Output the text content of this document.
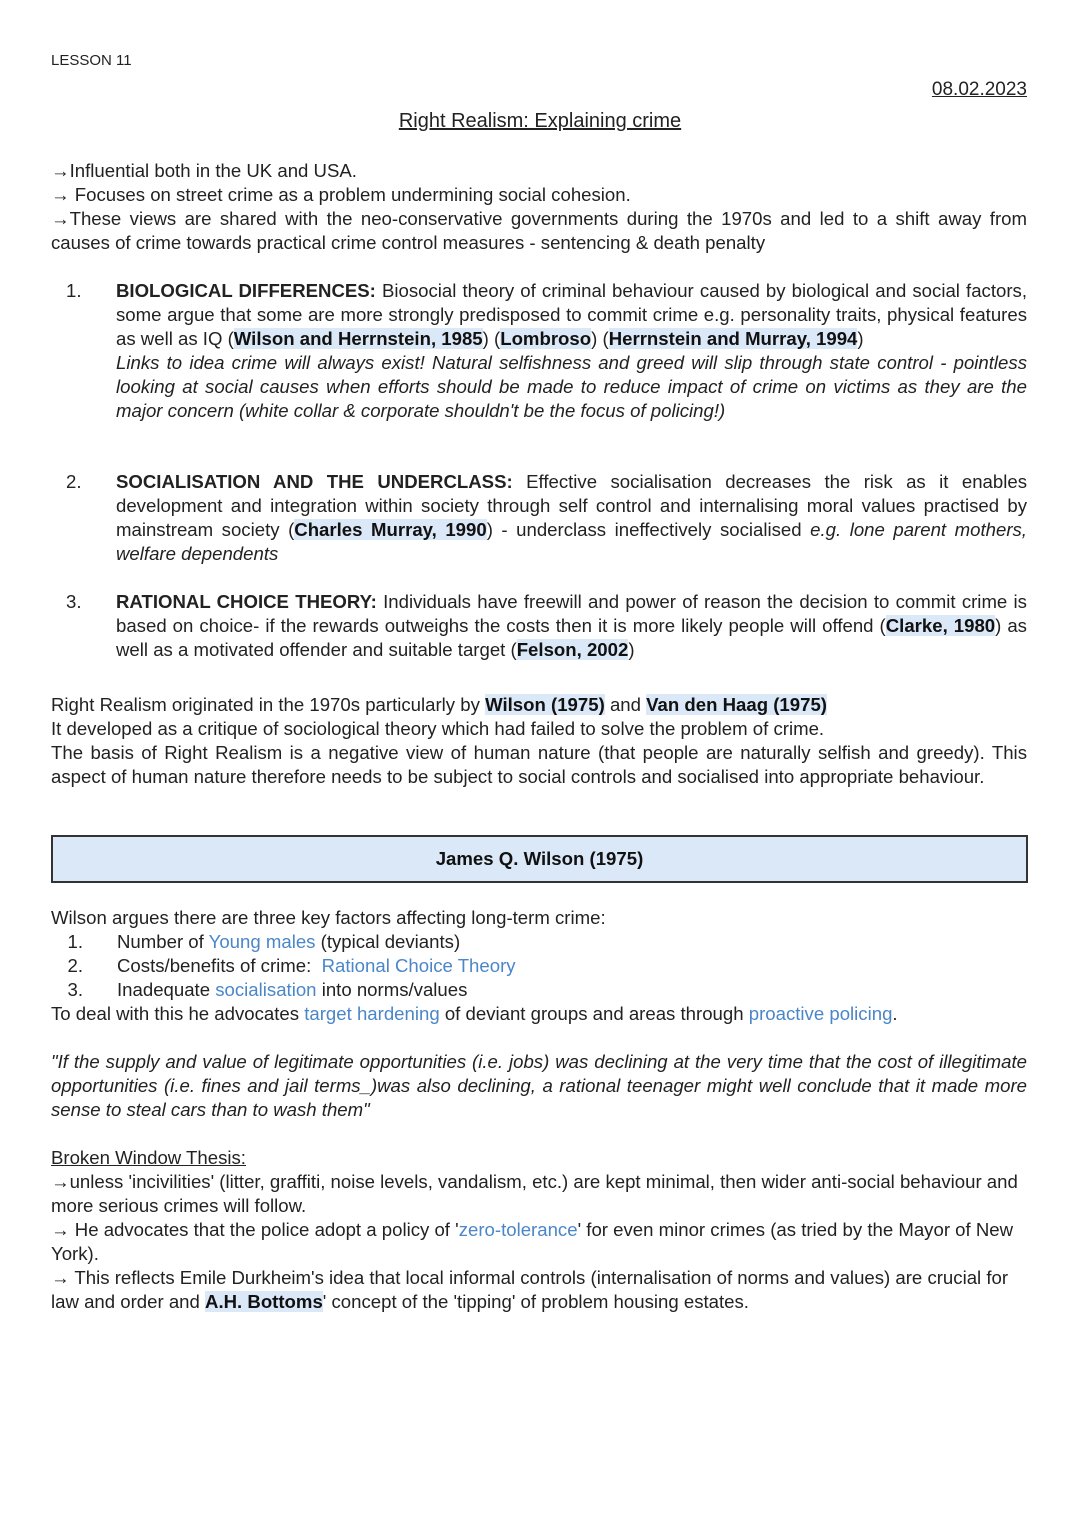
LESSON 11
08.02.2023
Right Realism: Explaining crime
→Influential both in the UK and USA.
→ Focuses on street crime as a problem undermining social cohesion.
→These views are shared with the neo-conservative governments during the 1970s and led to a shift away from causes of crime towards practical crime control measures - sentencing & death penalty
1. BIOLOGICAL DIFFERENCES: Biosocial theory of criminal behaviour caused by biological and social factors, some argue that some are more strongly predisposed to commit crime e.g. personality traits, physical features as well as IQ (Wilson and Herrnstein, 1985) (Lombroso) (Herrnstein and Murray, 1994)
Links to idea crime will always exist! Natural selfishness and greed will slip through state control - pointless looking at social causes when efforts should be made to reduce impact of crime on victims as they are the major concern (white collar & corporate shouldn't be the focus of policing!)
2. SOCIALISATION AND THE UNDERCLASS: Effective socialisation decreases the risk as it enables development and integration within society through self control and internalising moral values practised by mainstream society (Charles Murray, 1990) - underclass ineffectively socialised e.g. lone parent mothers, welfare dependents
3. RATIONAL CHOICE THEORY: Individuals have freewill and power of reason the decision to commit crime is based on choice- if the rewards outweighs the costs then it is more likely people will offend (Clarke, 1980) as well as a motivated offender and suitable target (Felson, 2002)
Right Realism originated in the 1970s particularly by Wilson (1975) and Van den Haag (1975)
It developed as a critique of sociological theory which had failed to solve the problem of crime.
The basis of Right Realism is a negative view of human nature (that people are naturally selfish and greedy). This aspect of human nature therefore needs to be subject to social controls and socialised into appropriate behaviour.
James Q. Wilson (1975)
Wilson argues there are three key factors affecting long-term crime:
1. Number of Young males (typical deviants)
2. Costs/benefits of crime:  Rational Choice Theory
3. Inadequate socialisation into norms/values
To deal with this he advocates target hardening of deviant groups and areas through proactive policing.
"If the supply and value of legitimate opportunities (i.e. jobs) was declining at the very time that the cost of illegitimate opportunities (i.e. fines and jail terms_)was also declining, a rational teenager might well conclude that it made more sense to steal cars than to wash them"
Broken Window Thesis:
→unless 'incivilities' (litter, graffiti, noise levels, vandalism, etc.) are kept minimal, then wider anti-social behaviour and more serious crimes will follow.
→ He advocates that the police adopt a policy of 'zero-tolerance' for even minor crimes (as tried by the Mayor of New York).
→ This reflects Emile Durkheim's idea that local informal controls (internalisation of norms and values) are crucial for law and order and A.H. Bottoms' concept of the 'tipping' of problem housing estates.
